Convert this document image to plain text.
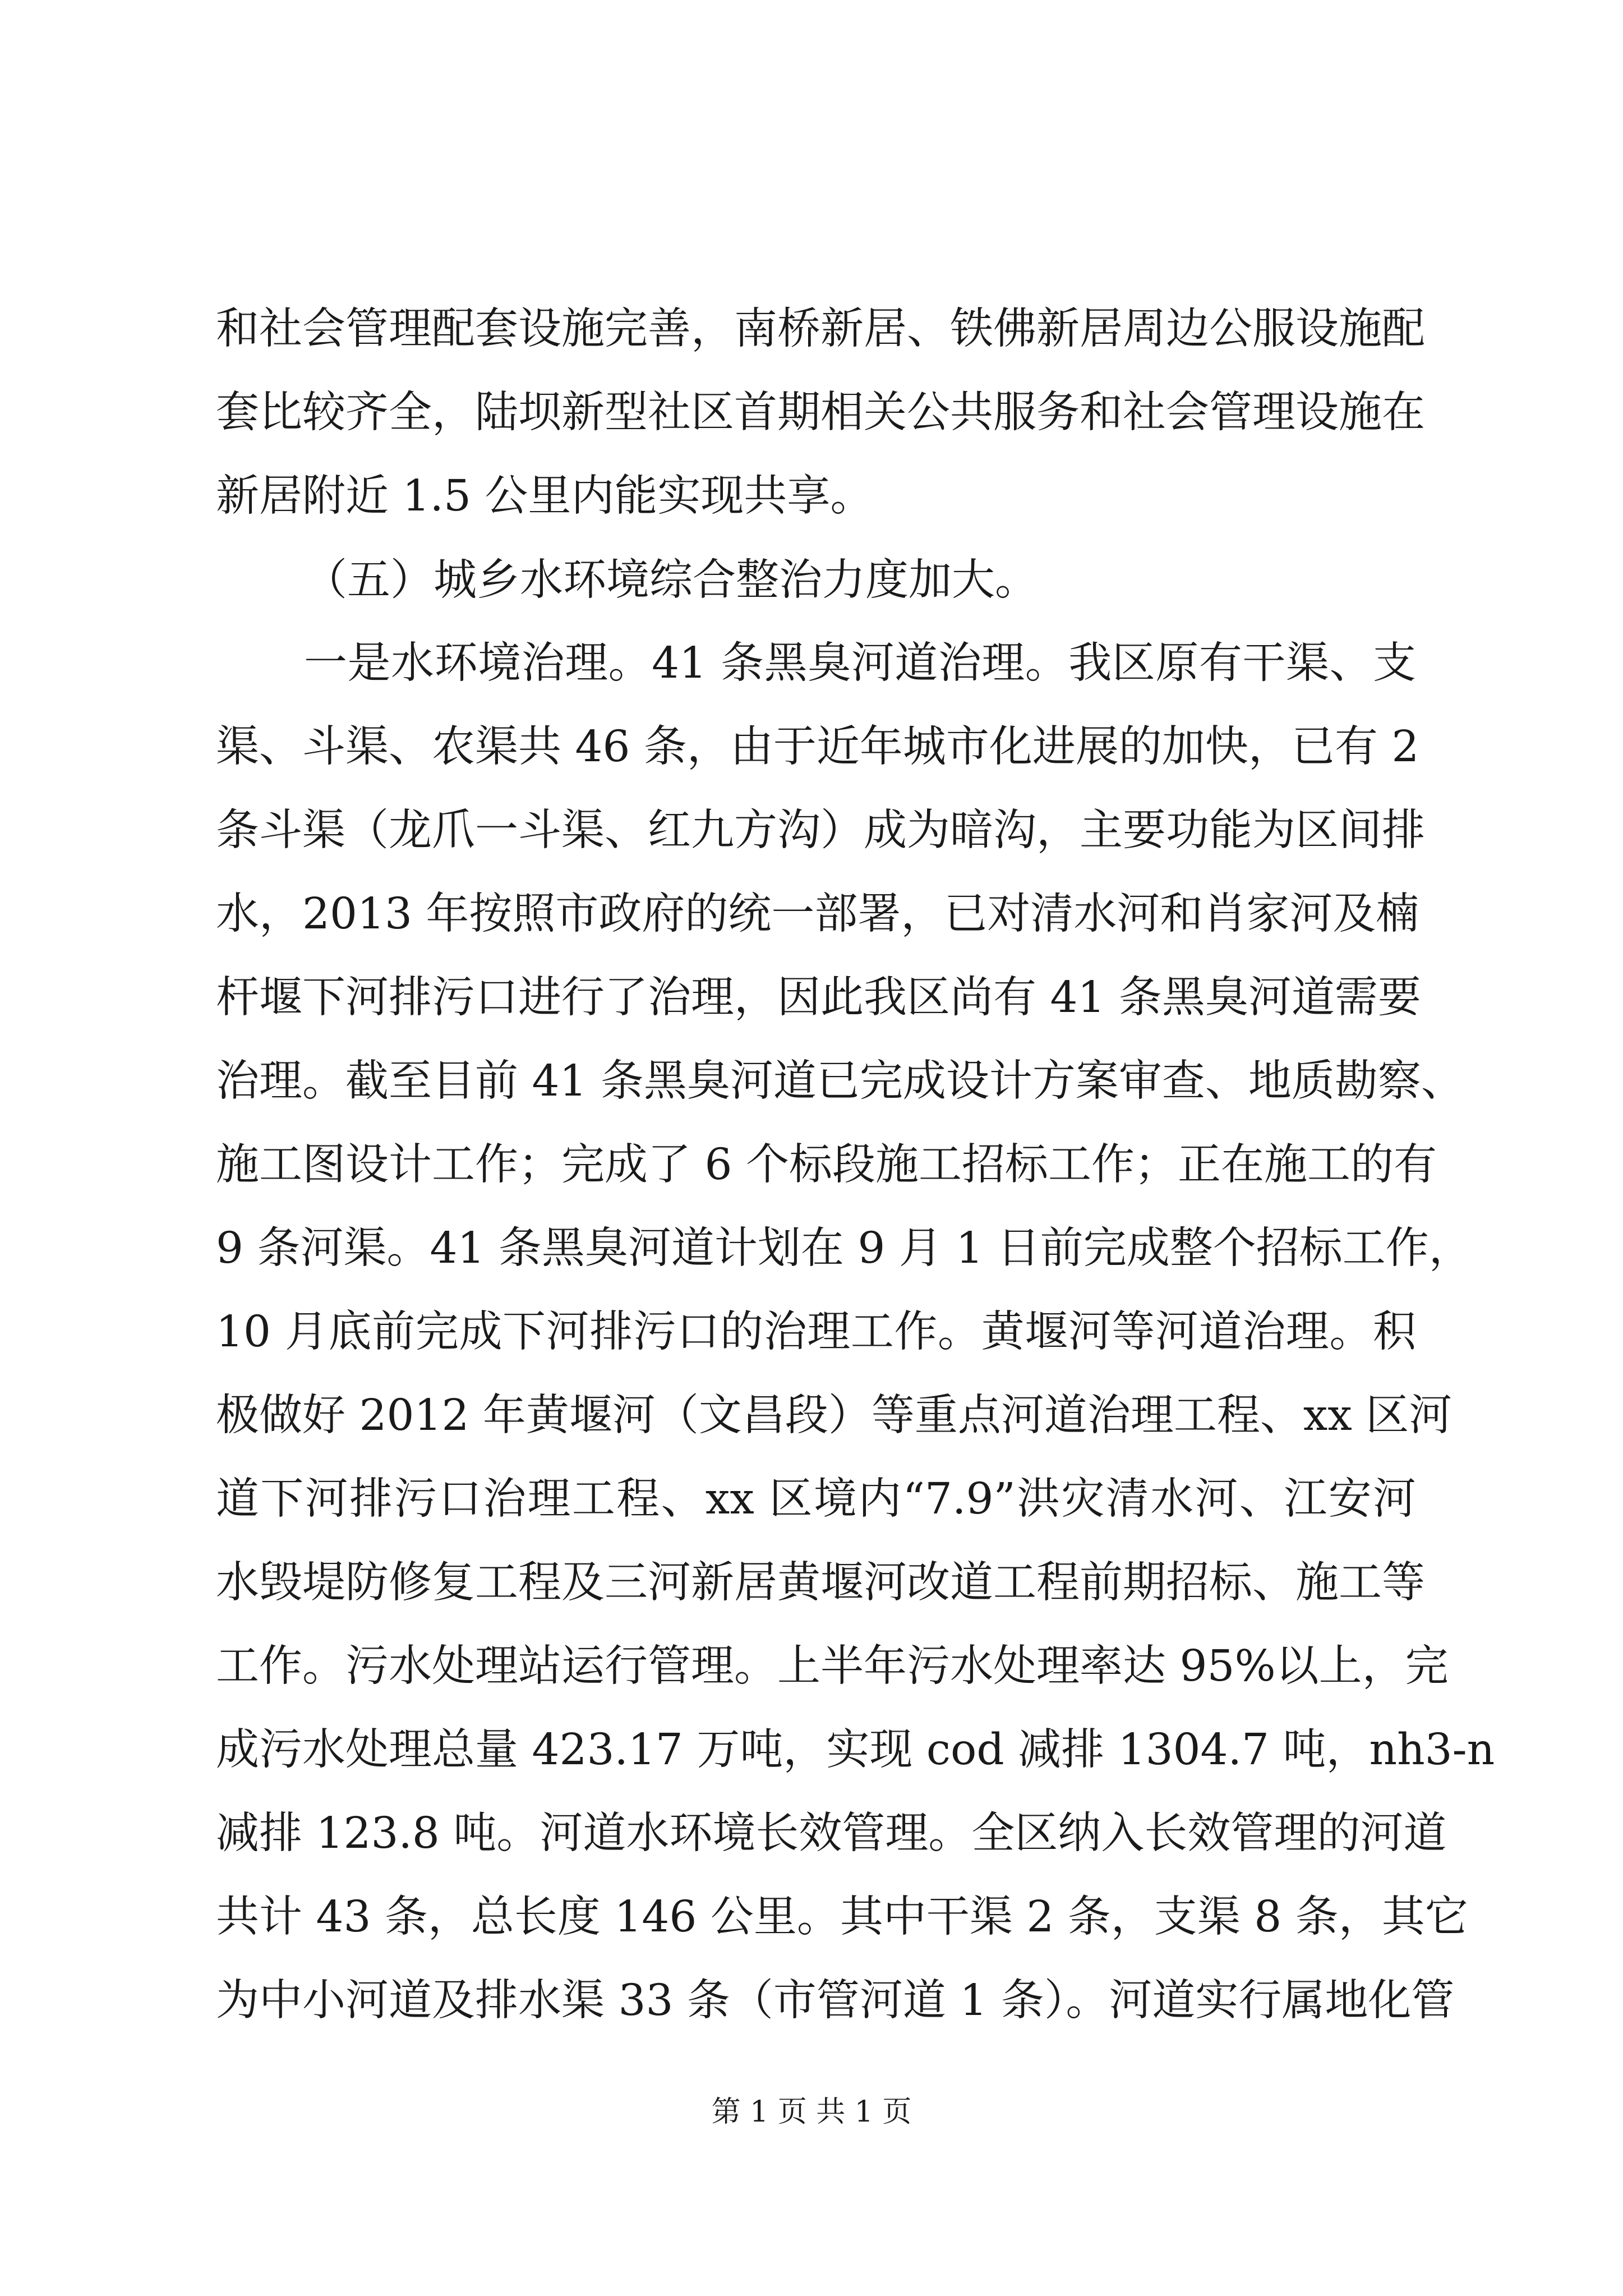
和社会管理配套设施完善，南桥新居、铁佛新居周边公服设施配
套比较齐全，陆坝新型社区首期相关公共服务和社会管理设施在
新居附近 1.5 公里内能实现共享。
（五）城乡水环境综合整治力度加大。
一是水环境治理。41 条黑臭河道治理。我区原有干渠、支
渠、斗渠、农渠共 46 条，由于近年城市化进展的加快，已有 2
条斗渠（龙爪一斗渠、红九方沟）成为暗沟，主要功能为区间排
水，2013 年按照市政府的统一部署，已对清水河和肖家河及楠
杆堰下河排污口进行了治理，因此我区尚有 41 条黑臭河道需要
治理。截至目前 41 条黑臭河道已完成设计方案审查、地质勘察、
施工图设计工作；完成了 6 个标段施工招标工作；正在施工的有
9 条河渠。41 条黑臭河道计划在 9 月 1 日前完成整个招标工作，
10 月底前完成下河排污口的治理工作。黄堰河等河道治理。积
极做好 2012 年黄堰河（文昌段）等重点河道治理工程、xx 区河
道下河排污口治理工程、xx 区境内“7.9”洪灾清水河、江安河
水毁堤防修复工程及三河新居黄堰河改道工程前期招标、施工等
工作。污水处理站运行管理。上半年污水处理率达 95%以上，完
成污水处理总量 423.17 万吨，实现 cod 减排 1304.7 吨，nh3-n
减排 123.8 吨。河道水环境长效管理。全区纳入长效管理的河道
共计 43 条，总长度 146 公里。其中干渠 2 条，支渠 8 条，其它
为中小河道及排水渠 33 条（市管河道 1 条）。河道实行属地化管
第 1 页 共 1 页
